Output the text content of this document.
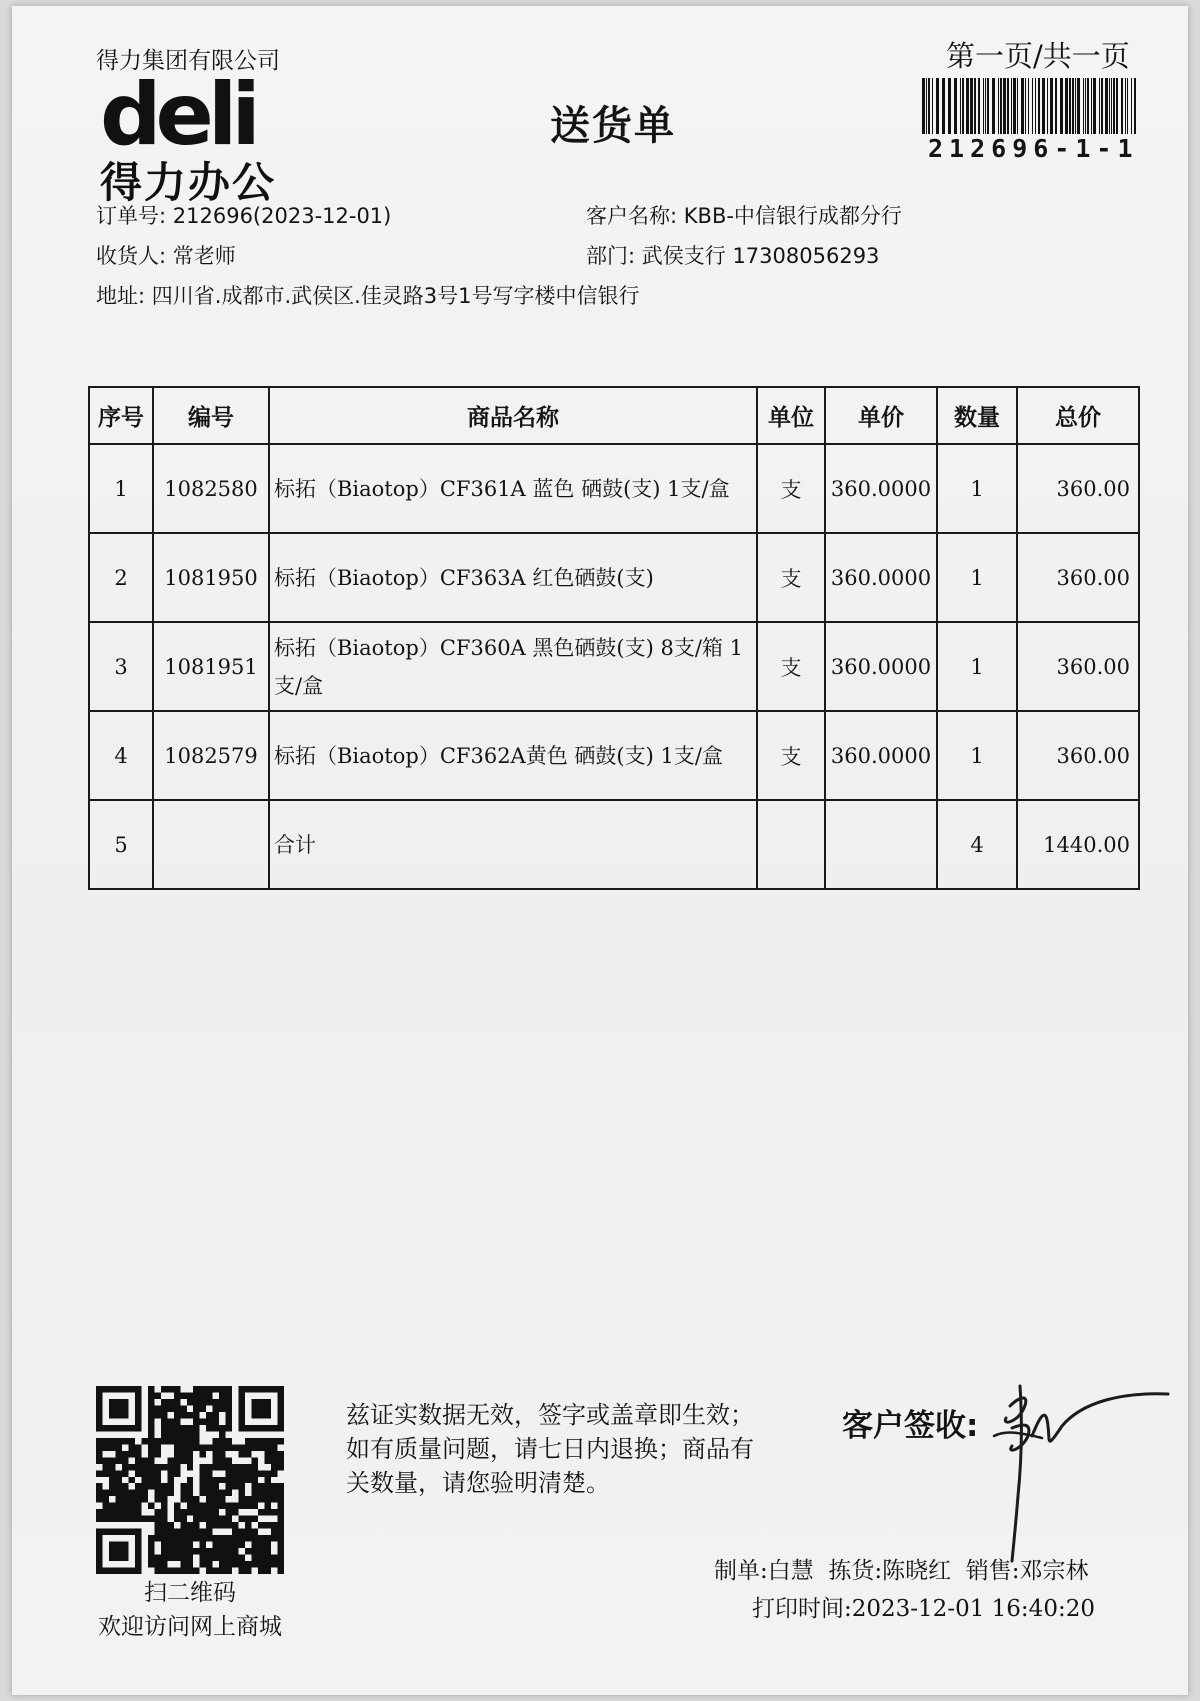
得力集团有限公司
deli
得力办公
送货单
第一页/共一页
212696-1-1
订单号: 212696(2023-12-01)	客户名称: KBB-中信银行成都分行
收货人: 常老师	部门: 武侯支行 17308056293
地址: 四川省.成都市.武侯区.佳灵路3号1号写字楼中信银行
序号	编号	商品名称	单位	单价	数量	总价
1	1082580	标拓（Biaotop）CF361A 蓝色 硒鼓(支) 1支/盒	支	360.0000	1	360.00
2	1081950	标拓（Biaotop）CF363A 红色硒鼓(支)	支	360.0000	1	360.00
3	1081951	标拓（Biaotop）CF360A 黑色硒鼓(支) 8支/箱 1支/盒	支	360.0000	1	360.00
4	1082579	标拓（Biaotop）CF362A黄色 硒鼓(支) 1支/盒	支	360.0000	1	360.00
5		合计			4	1440.00
扫二维码
欢迎访问网上商城
兹证实数据无效，签字或盖章即生效；如有质量问题，请七日内退换；商品有关数量，请您验明清楚。
客户签收:
制单:白慧 拣货:陈晓红 销售:邓宗林
打印时间:2023-12-01 16:40:20
